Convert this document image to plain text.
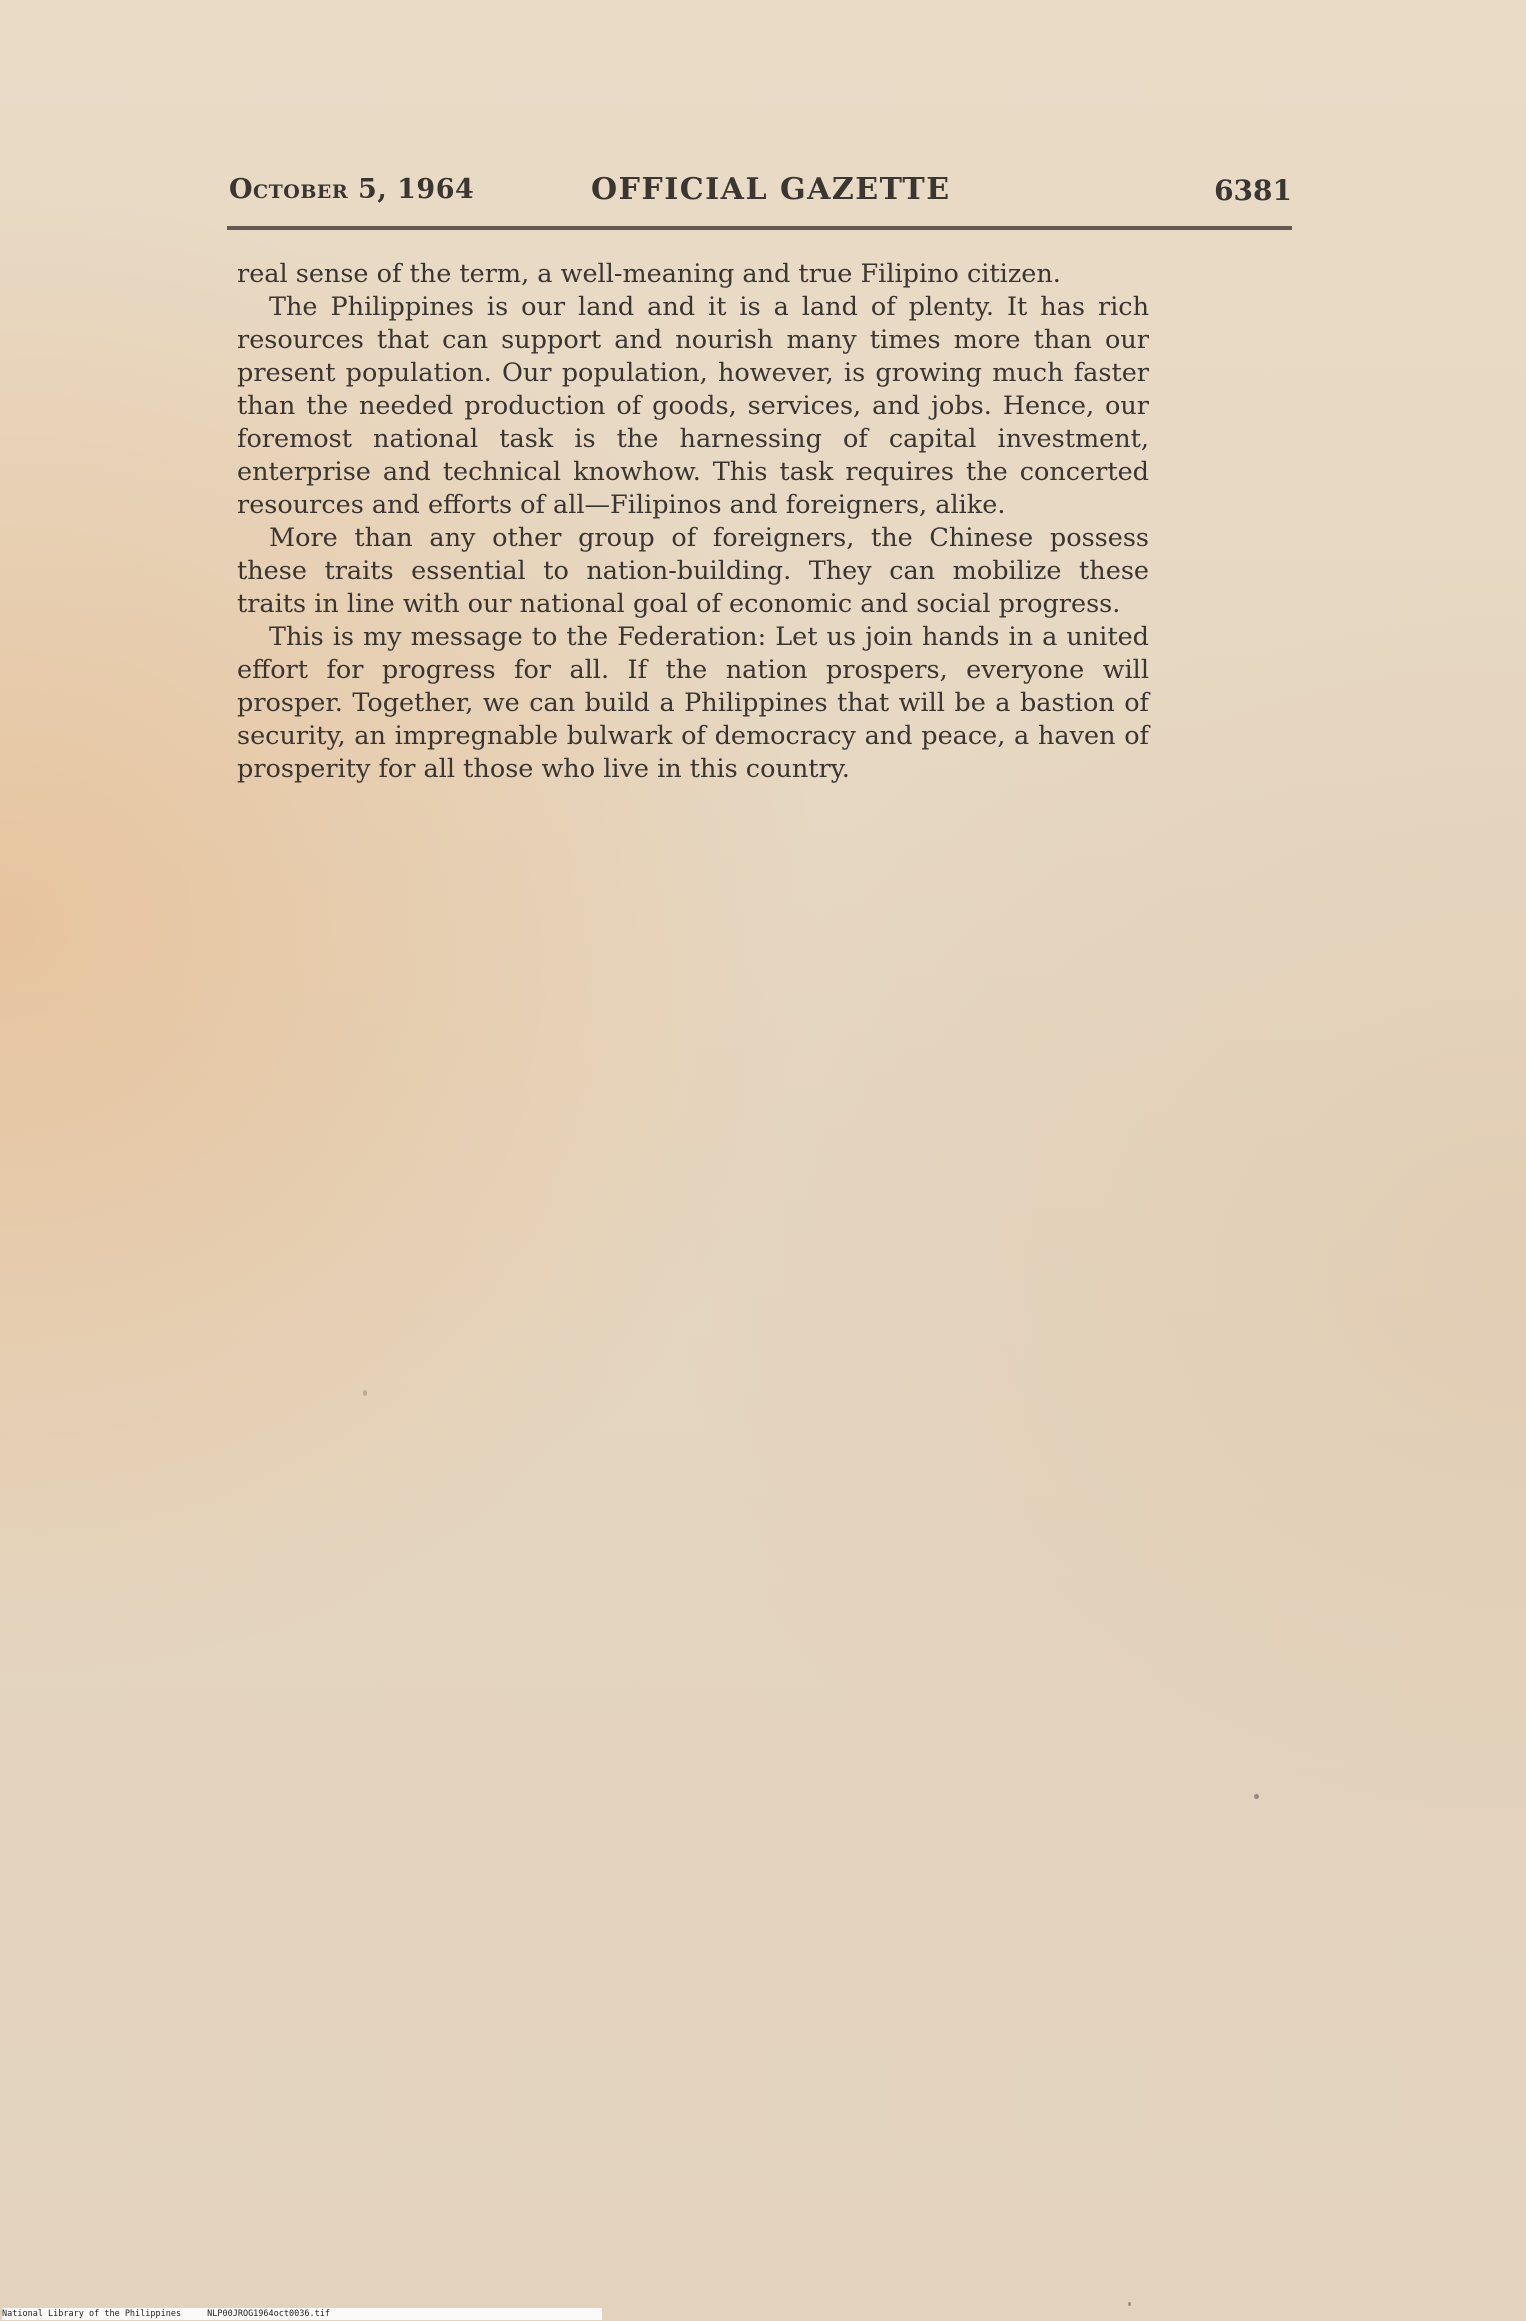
October 5, 1964	OFFICIAL GAZETTE	6381

real sense of the term, a well-meaning and true Filipino citizen.

The Philippines is our land and it is a land of plenty. It has rich resources that can support and nourish many times more than our present population. Our population, however, is growing much faster than the needed production of goods, services, and jobs. Hence, our foremost national task is the harnessing of capital investment, enterprise and technical knowhow. This task requires the concerted resources and efforts of all—Filipinos and foreigners, alike.

More than any other group of foreigners, the Chinese possess these traits essential to nation-building. They can mobilize these traits in line with our national goal of economic and social progress.

This is my message to the Federation: Let us join hands in a united effort for progress for all. If the nation prospers, everyone will prosper. Together, we can build a Philippines that will be a bastion of security, an impregnable bulwark of democracy and peace, a haven of prosperity for all those who live in this country.

National Library of the Philippines	NLP00JROG1964oct0036.tif
